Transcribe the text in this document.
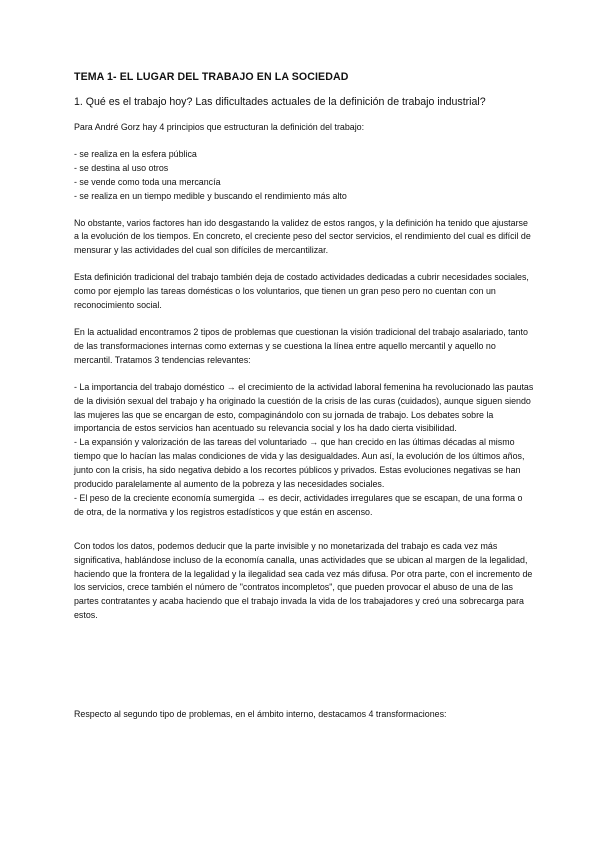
TEMA 1- EL LUGAR DEL TRABAJO EN LA SOCIEDAD
1. Qué es el trabajo hoy? Las dificultades actuales de la definición de trabajo industrial?

Para André Gorz hay 4 principios que estructuran la definición del trabajo:

- se realiza en la esfera pública
- se destina al uso otros
- se vende como toda una mercancía
- se realiza en un tiempo medible y buscando el rendimiento más alto

No obstante, varios factores han ido desgastando la validez de estos rangos, y la definición ha tenido que ajustarse a la evolución de los tiempos. En concreto, el creciente peso del sector servicios, el rendimiento del cual es difícil de mensurar y las actividades del cual son difíciles de mercantilizar.

Esta definición tradicional del trabajo también deja de costado actividades dedicadas a cubrir necesidades sociales, como por ejemplo las tareas domésticas o los voluntarios, que tienen un gran peso pero no cuentan con un reconocimiento social.

En la actualidad encontramos 2 tipos de problemas que cuestionan la visión tradicional del trabajo asalariado, tanto de las transformaciones internas como externas y se cuestiona la línea entre aquello mercantil y aquello no mercantil. Tratamos 3 tendencias relevantes:

- La importancia del trabajo doméstico → el crecimiento de la actividad laboral femenina ha revolucionado las pautas de la división sexual del trabajo y ha originado la cuestión de la crisis de las curas (cuidados), aunque siguen siendo las mujeres las que se encargan de esto, compaginándolo con su jornada de trabajo. Los debates sobre la importancia de estos servicios han acentuado su relevancia social y los ha dado cierta visibilidad.

- La expansión y valorización de las tareas del voluntariado → que han crecido en las últimas décadas al mismo tiempo que lo hacían las malas condiciones de vida y las desigualdades. Aun así, la evolución de los últimos años, junto con la crisis, ha sido negativa debido a los recortes públicos y privados. Estas evoluciones negativas se han producido paralelamente al aumento de la pobreza y las necesidades sociales.

- El peso de la creciente economía sumergida → es decir, actividades irregulares que se escapan, de una forma o de otra, de la normativa y los registros estadísticos y que están en ascenso.

Con todos los datos, podemos deducir que la parte invisible y no monetarizada del trabajo es cada vez más significativa, hablándose incluso de la economía canalla, unas actividades que se ubican al margen de la legalidad, haciendo que la frontera de la legalidad y la ilegalidad sea cada vez más difusa. Por otra parte, con el incremento de los servicios, crece también el número de "contratos incompletos", que pueden provocar el abuso de una de las partes contratantes y acaba haciendo que el trabajo invada la vida de los trabajadores y creó una sobrecarga para estos.

Respecto al segundo tipo de problemas, en el ámbito interno, destacamos 4 transformaciones:
